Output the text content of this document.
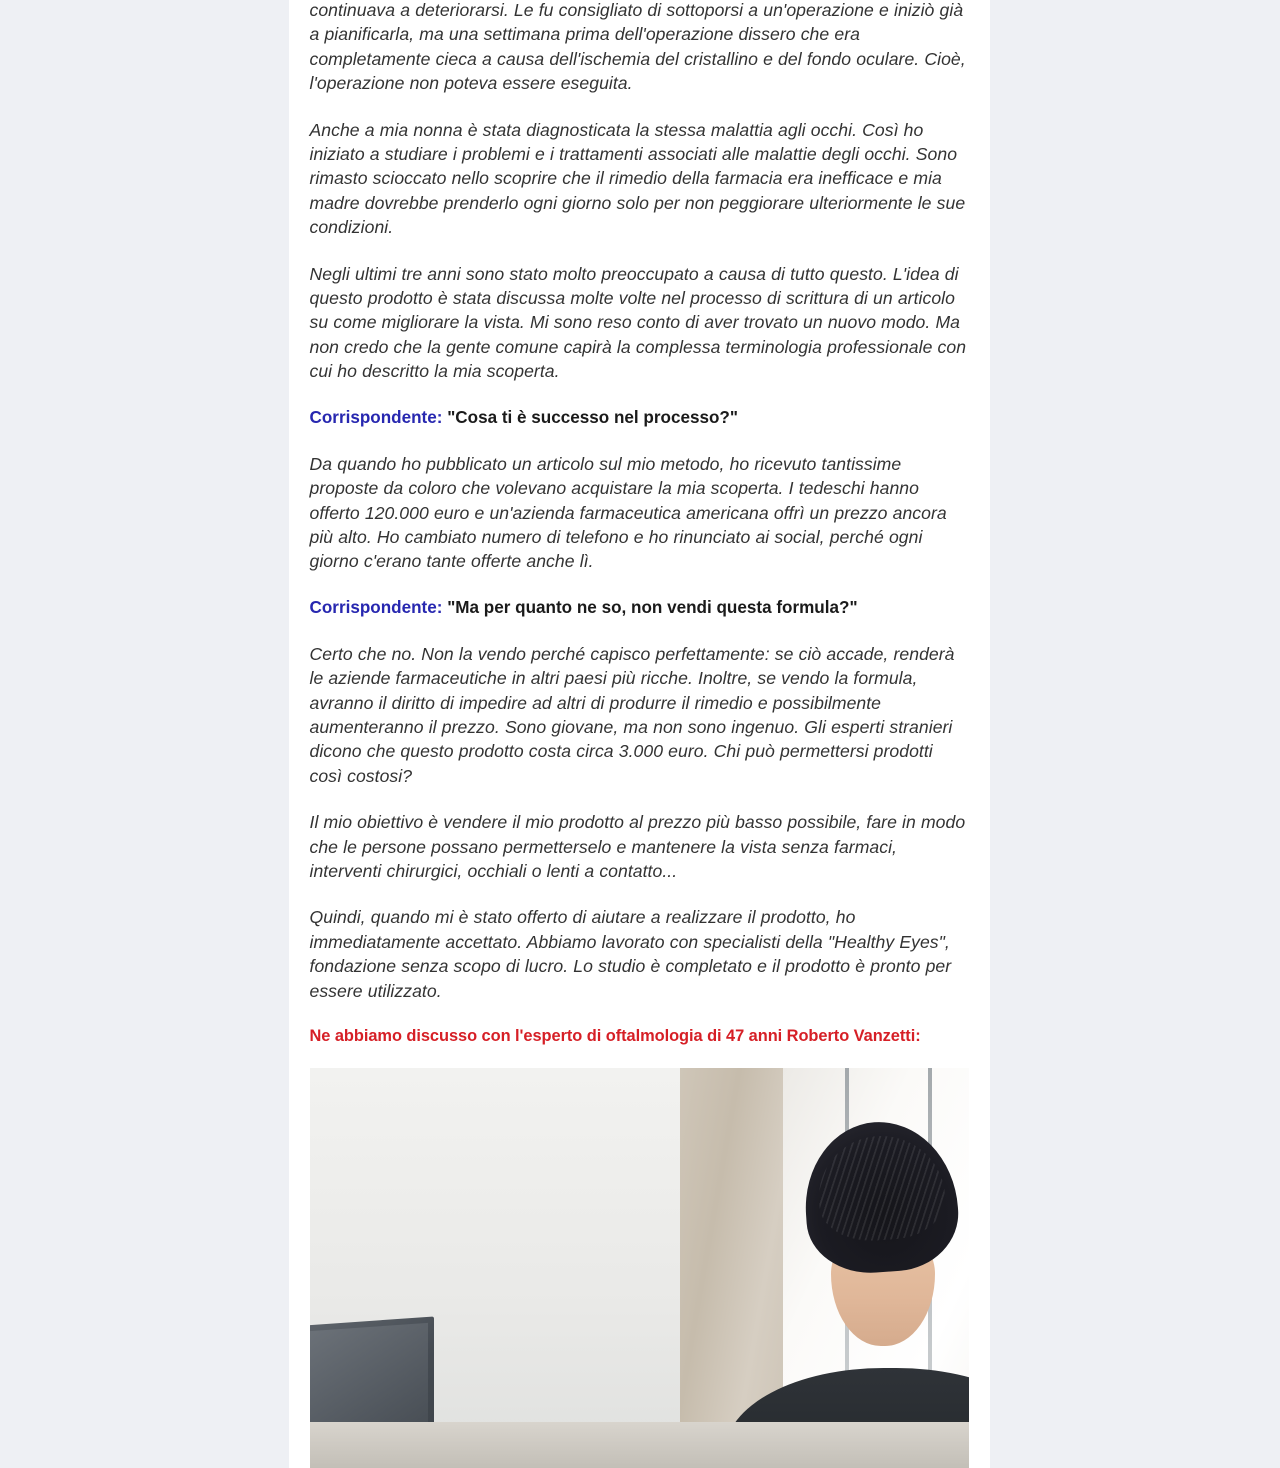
continuava a deteriorarsi. Le fu consigliato di sottoporsi a un'operazione e iniziò già a pianificarla, ma una settimana prima dell'operazione dissero che era completamente cieca a causa dell'ischemia del cristallino e del fondo oculare. Cioè, l'operazione non poteva essere eseguita.

Anche a mia nonna è stata diagnosticata la stessa malattia agli occhi. Così ho iniziato a studiare i problemi e i trattamenti associati alle malattie degli occhi. Sono rimasto scioccato nello scoprire che il rimedio della farmacia era inefficace e mia madre dovrebbe prenderlo ogni giorno solo per non peggiorare ulteriormente le sue condizioni.

Negli ultimi tre anni sono stato molto preoccupato a causa di tutto questo. L'idea di questo prodotto è stata discussa molte volte nel processo di scrittura di un articolo su come migliorare la vista. Mi sono reso conto di aver trovato un nuovo modo. Ma non credo che la gente comune capirà la complessa terminologia professionale con cui ho descritto la mia scoperta.

Corrispondente: "Cosa ti è successo nel processo?"

Da quando ho pubblicato un articolo sul mio metodo, ho ricevuto tantissime proposte da coloro che volevano acquistare la mia scoperta. I tedeschi hanno offerto 120.000 euro e un'azienda farmaceutica americana offrì un prezzo ancora più alto. Ho cambiato numero di telefono e ho rinunciato ai social, perché ogni giorno c'erano tante offerte anche lì.

Corrispondente: "Ma per quanto ne so, non vendi questa formula?"

Certo che no. Non la vendo perché capisco perfettamente: se ciò accade, renderà le aziende farmaceutiche in altri paesi più ricche. Inoltre, se vendo la formula, avranno il diritto di impedire ad altri di produrre il rimedio e possibilmente aumenteranno il prezzo. Sono giovane, ma non sono ingenuo. Gli esperti stranieri dicono che questo prodotto costa circa 3.000 euro. Chi può permettersi prodotti così costosi?

Il mio obiettivo è vendere il mio prodotto al prezzo più basso possibile, fare in modo che le persone possano permetterselo e mantenere la vista senza farmaci, interventi chirurgici, occhiali o lenti a contatto...

Quindi, quando mi è stato offerto di aiutare a realizzare il prodotto, ho immediatamente accettato. Abbiamo lavorato con specialisti della "Healthy Eyes", fondazione senza scopo di lucro. Lo studio è completato e il prodotto è pronto per essere utilizzato.

Ne abbiamo discusso con l'esperto di oftalmologia di 47 anni Roberto Vanzetti:
